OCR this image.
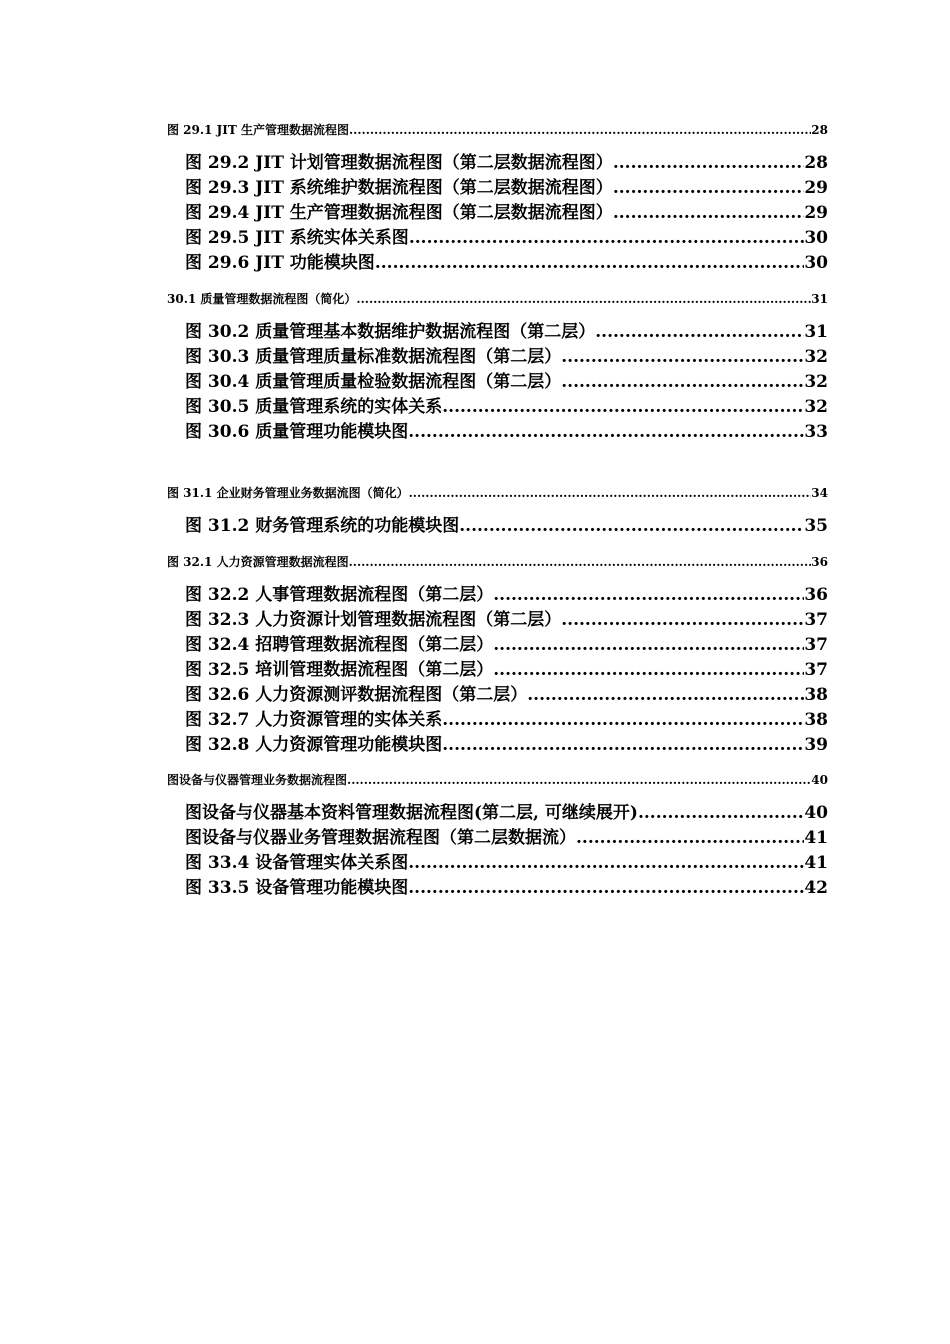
图 29.1 JIT 生产管理数据流程图 .....	28
图 29.2 JIT 计划管理数据流程图（第二层数据流程图） .....	28
图 29.3 JIT 系统维护数据流程图（第二层数据流程图） .....	29
图 29.4 JIT 生产管理数据流程图（第二层数据流程图） .....	29
图 29.5 JIT 系统实体关系图 .....	30
图 29.6 JIT 功能模块图 .....	30
30.1 质量管理数据流程图（简化） .....	31
图 30.2 质量管理基本数据维护数据流程图（第二层） .....	31
图 30.3 质量管理质量标准数据流程图（第二层） .....	32
图 30.4 质量管理质量检验数据流程图（第二层） .....	32
图 30.5 质量管理系统的实体关系 .....	32
图 30.6 质量管理功能模块图 .....	33
图 31.1 企业财务管理业务数据流图（简化） .....	34
图 31.2 财务管理系统的功能模块图 .....	35
图 32.1 人力资源管理数据流程图 .....	36
图 32.2 人事管理数据流程图（第二层） .....	36
图 32.3 人力资源计划管理数据流程图（第二层） .....	37
图 32.4 招聘管理数据流程图（第二层） .....	37
图 32.5 培训管理数据流程图（第二层） .....	37
图 32.6 人力资源测评数据流程图（第二层） .....	38
图 32.7 人力资源管理的实体关系 .....	38
图 32.8 人力资源管理功能模块图 .....	39
图设备与仪器管理业务数据流程图 .....	40
图设备与仪器基本资料管理数据流程图(第二层, 可继续展开) .....	40
图设备与仪器业务管理数据流程图（第二层数据流） .....	41
图 33.4 设备管理实体关系图 .....	41
图 33.5 设备管理功能模块图 .....	42
